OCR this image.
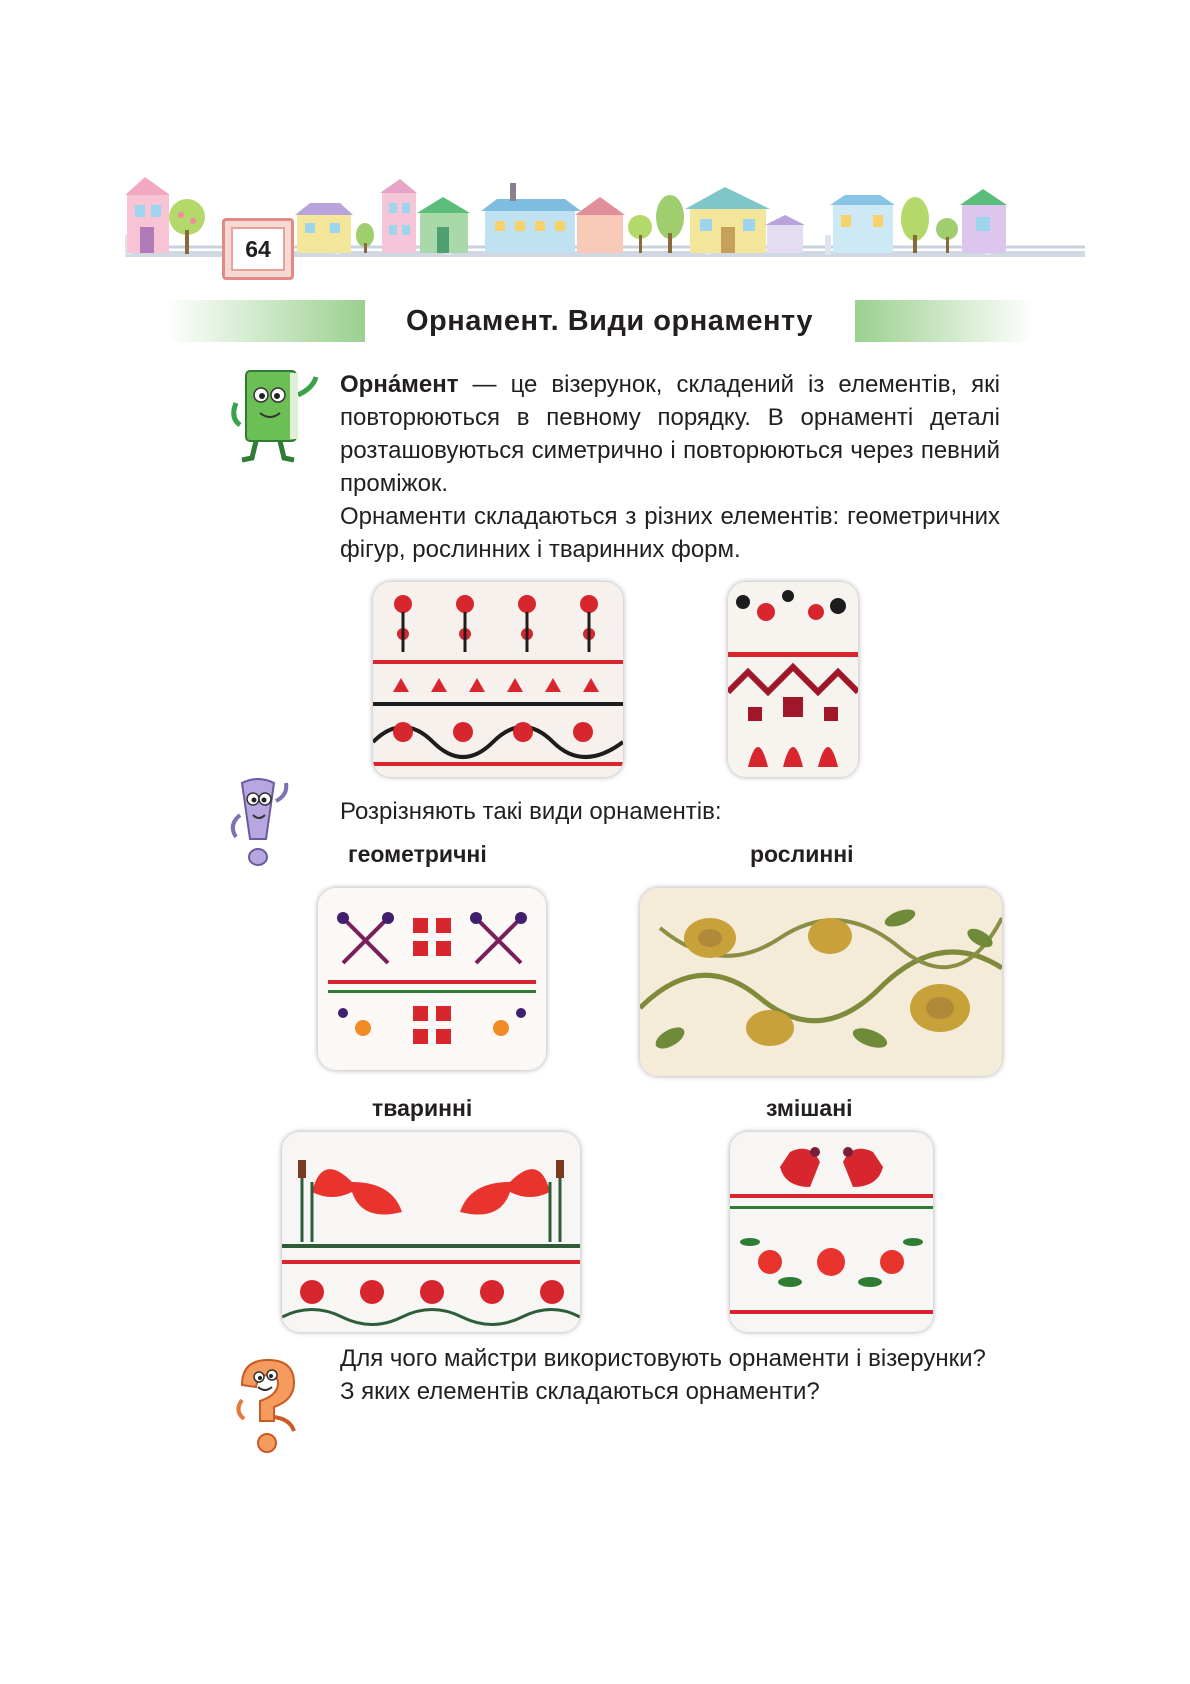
64
Орнамент. Види орнаменту
Орна́мент — це візерунок, складений із елементів, які повторюються в певному порядку. В орнаменті деталі розташовуються симетрично і повторюються через певний проміжок.
Орнаменти складаються з різних елементів: геометричних фігур, рослинних і тваринних форм.
Розрізняють такі види орнаментів:
геометричні	рослинні
тваринні	змішані
Для чого майстри використовують орнаменти і візерунки?
З яких елементів складаються орнаменти?
